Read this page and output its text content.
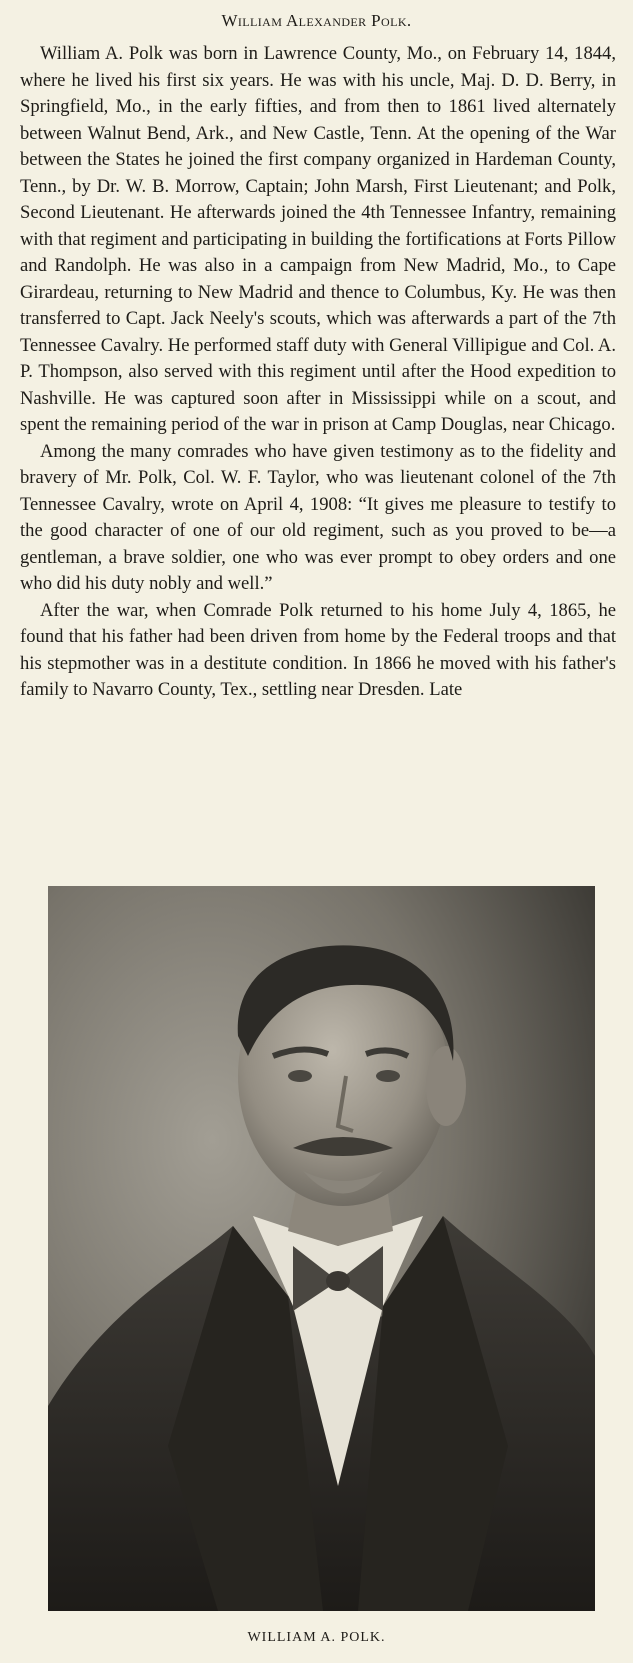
William Alexander Polk.

William A. Polk was born in Lawrence County, Mo., on February 14, 1844, where he lived his first six years. He was with his uncle, Maj. D. D. Berry, in Springfield, Mo., in the early fifties, and from then to 1861 lived alternately between Walnut Bend, Ark., and New Castle, Tenn. At the opening of the War between the States he joined the first company organized in Hardeman County, Tenn., by Dr. W. B. Morrow, Captain; John Marsh, First Lieutenant; and Polk, Second Lieutenant. He afterwards joined the 4th Tennessee Infantry, remaining with that regiment and participating in building the fortifications at Forts Pillow and Randolph. He was also in a campaign from New Madrid, Mo., to Cape Girardeau, returning to New Madrid and thence to Columbus, Ky. He was then transferred to Capt. Jack Neely's scouts, which was afterwards a part of the 7th Tennessee Cavalry. He performed staff duty with General Villipigue and Col. A. P. Thompson, also served with this regiment until after the Hood expedition to Nashville. He was captured soon after in Mississippi while on a scout, and spent the remaining period of the war in prison at Camp Douglas, near Chicago.

Among the many comrades who have given testimony as to the fidelity and bravery of Mr. Polk, Col. W. F. Taylor, who was lieutenant colonel of the 7th Tennessee Cavalry, wrote on April 4, 1908: “It gives me pleasure to testify to the good character of one of our old regiment, such as you proved to be—a gentleman, a brave soldier, one who was ever prompt to obey orders and one who did his duty nobly and well.”

After the war, when Comrade Polk returned to his home July 4, 1865, he found that his father had been driven from home by the Federal troops and that his stepmother was in a destitute condition. In 1866 he moved with his father's family to Navarro County, Tex., settling near Dresden. Late

WILLIAM A. POLK.
